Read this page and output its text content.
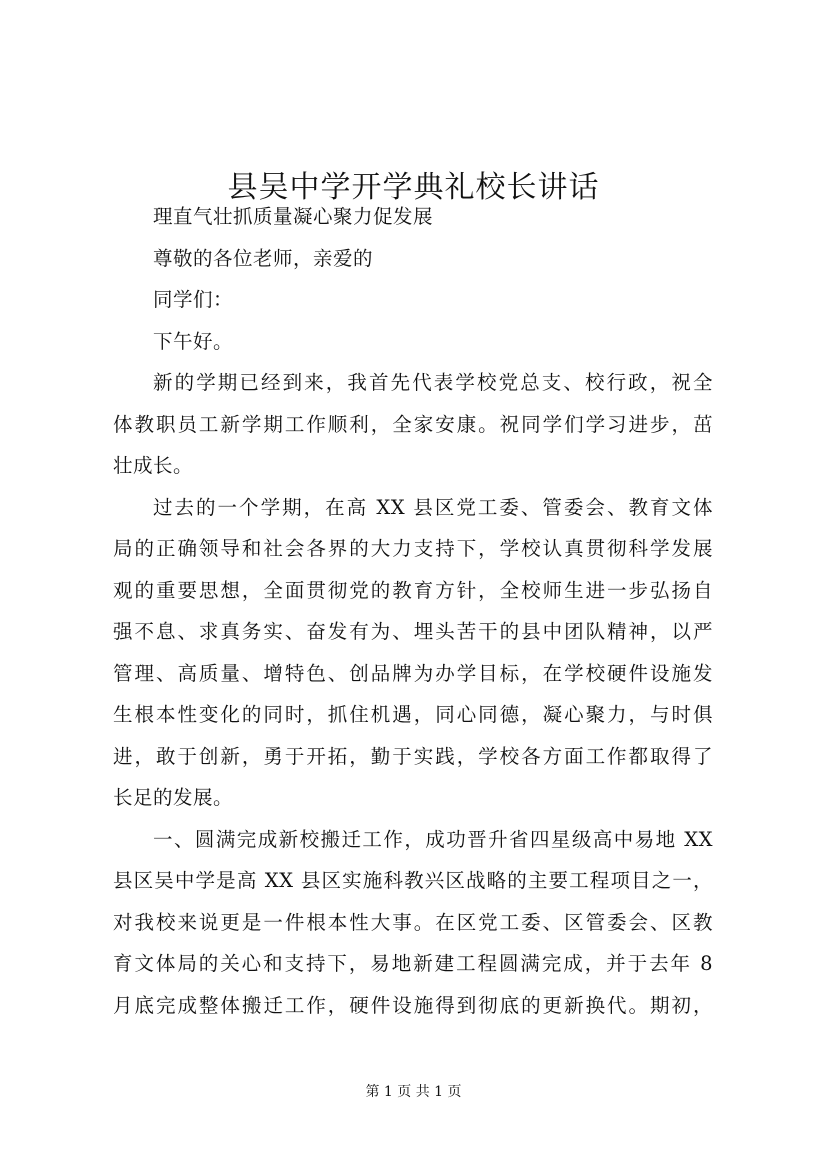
县吴中学开学典礼校长讲话
理直气壮抓质量凝心聚力促发展
尊敬的各位老师，亲爱的
同学们：
下午好。
新的学期已经到来，我首先代表学校党总支、校行政，祝全
体教职员工新学期工作顺利，全家安康。祝同学们学习进步，茁
壮成长。
过去的一个学期，在高 XX 县区党工委、管委会、教育文体
局的正确领导和社会各界的大力支持下，学校认真贯彻科学发展
观的重要思想，全面贯彻党的教育方针，全校师生进一步弘扬自
强不息、求真务实、奋发有为、埋头苦干的县中团队精神，以严
管理、高质量、增特色、创品牌为办学目标，在学校硬件设施发
生根本性变化的同时，抓住机遇，同心同德，凝心聚力，与时俱
进，敢于创新，勇于开拓，勤于实践，学校各方面工作都取得了
长足的发展。
一、圆满完成新校搬迁工作，成功晋升省四星级高中易地 XX
县区吴中学是高 XX 县区实施科教兴区战略的主要工程项目之一，
对我校来说更是一件根本性大事。在区党工委、区管委会、区教
育文体局的关心和支持下，易地新建工程圆满完成，并于去年 8
月底完成整体搬迁工作，硬件设施得到彻底的更新换代。期初，
第 1 页 共 1 页
